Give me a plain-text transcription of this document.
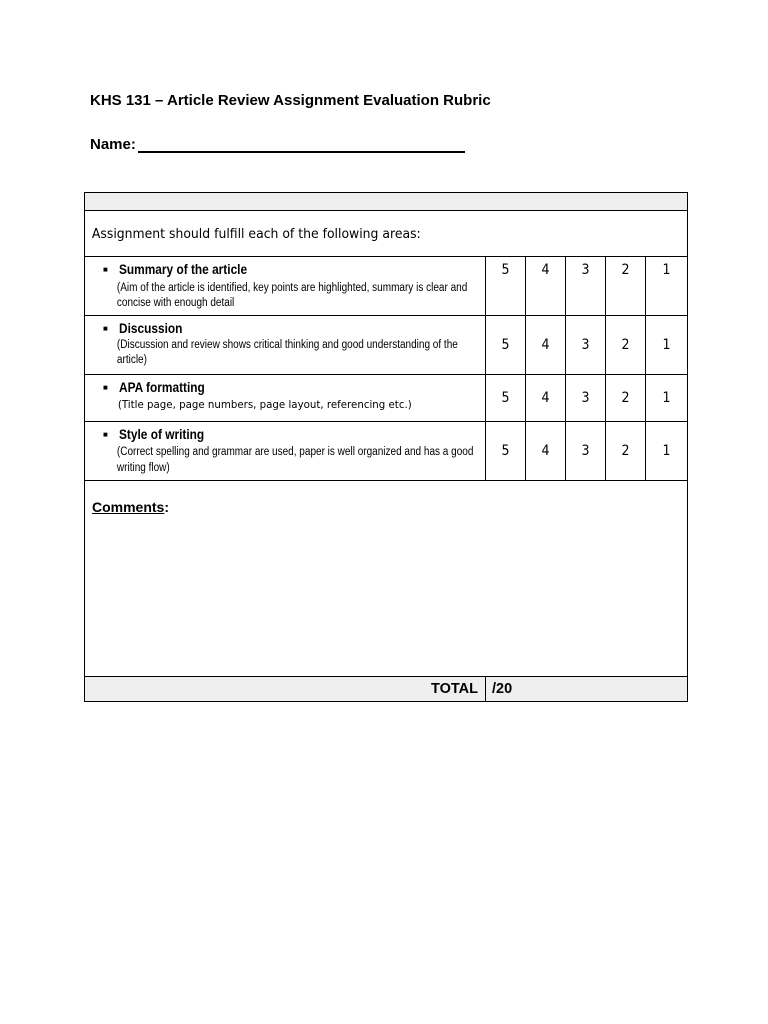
KHS 131 – Article Review Assignment Evaluation Rubric
Name:

Assignment should fulfill each of the following areas:					

■ Summary of the article
(Aim of the article is identified, key points are highlighted, summary is clear and concise with enough detail	5	4	3	2	1

■ Discussion
(Discussion and review shows critical thinking and good understanding of the article)	5	4	3	2	1

■ APA formatting
(Title page, page numbers, page layout, referencing etc.)	5	4	3	2	1

■ Style of writing
(Correct spelling and grammar are used, paper is well organized and has a good writing flow)	5	4	3	2	1
Comments:					
TOTAL	/20				
